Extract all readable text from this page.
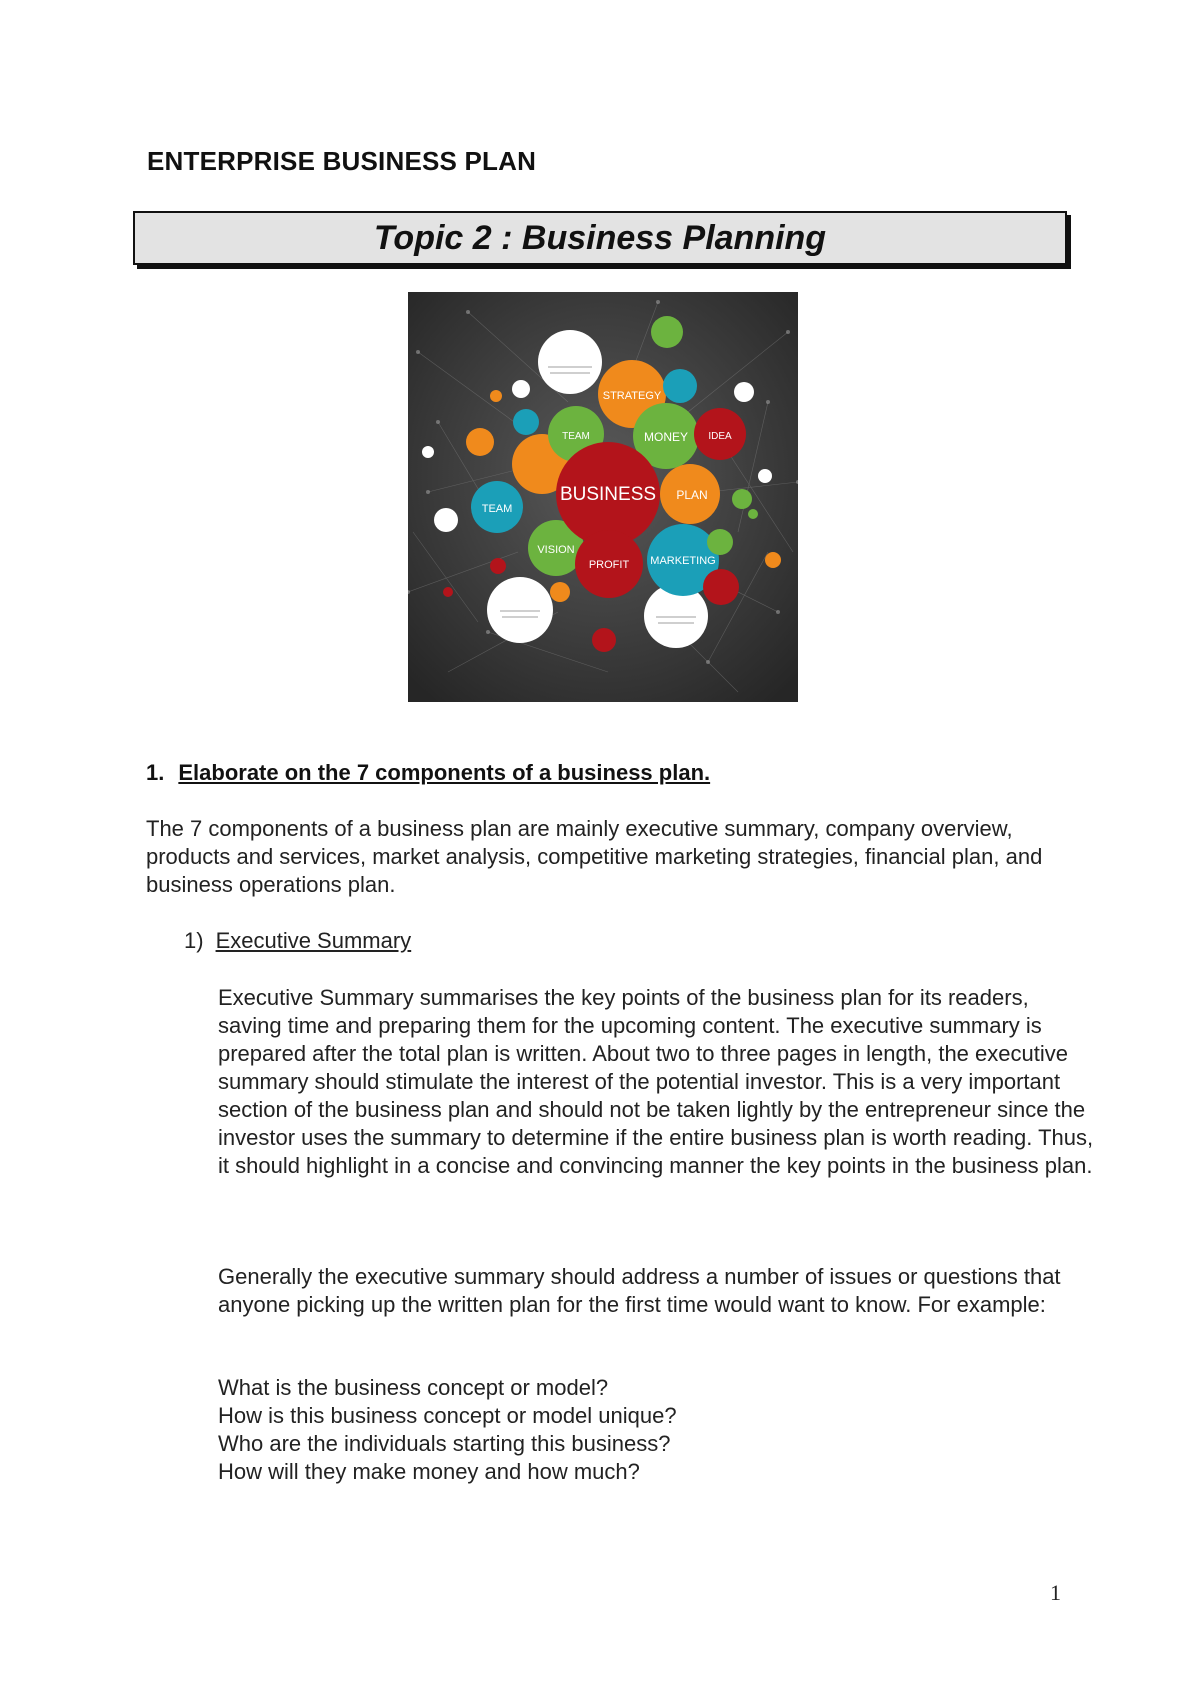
ENTERPRISE BUSINESS PLAN
Topic 2 : Business Planning
BUSINESS
STRATEGY
TEAM	MONEY IDEA
PLAN
TEAM
VISION
PROFIT MARKETING
1. Elaborate on the 7 components of a business plan.

The 7 components of a business plan are mainly executive summary, company overview, products and services, market analysis, competitive marketing strategies, financial plan, and business operations plan.

1) Executive Summary

Executive Summary summarises the key points of the business plan for its readers, saving time and preparing them for the upcoming content. The executive summary is prepared after the total plan is written. About two to three pages in length, the executive summary should stimulate the interest of the potential investor. This is a very important section of the business plan and should not be taken lightly by the entrepreneur since the investor uses the summary to determine if the entire business plan is worth reading. Thus, it should highlight in a concise and convincing manner the key points in the business plan.

Generally the executive summary should address a number of issues or questions that anyone picking up the written plan for the first time would want to know. For example:

What is the business concept or model?
How is this business concept or model unique?
Who are the individuals starting this business?
How will they make money and how much?
1
